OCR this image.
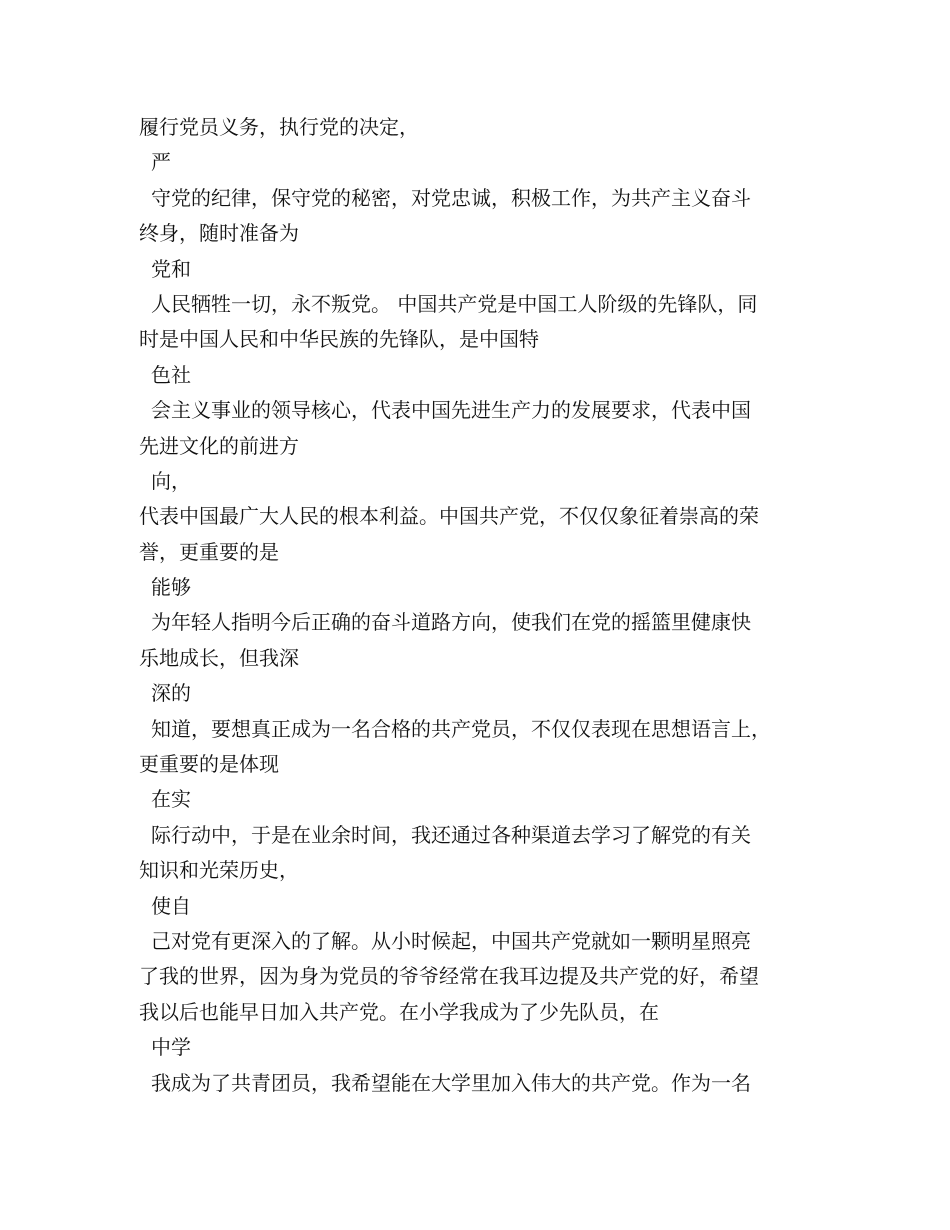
履行党员义务，执行党的决定，
严
守党的纪律，保守党的秘密，对党忠诚，积极工作，为共产主义奋斗
终身，随时准备为
党和
人民牺牲一切，永不叛党。 中国共产党是中国工人阶级的先锋队，同
时是中国人民和中华民族的先锋队，是中国特
色社
会主义事业的领导核心，代表中国先进生产力的发展要求，代表中国
先进文化的前进方
向，
代表中国最广大人民的根本利益。中国共产党，不仅仅象征着崇高的荣
誉，更重要的是
能够
为年轻人指明今后正确的奋斗道路方向，使我们在党的摇篮里健康快
乐地成长，但我深
深的
知道，要想真正成为一名合格的共产党员，不仅仅表现在思想语言上，
更重要的是体现
在实
际行动中，于是在业余时间，我还通过各种渠道去学习了解党的有关
知识和光荣历史，
使自
己对党有更深入的了解。从小时候起，中国共产党就如一颗明星照亮
了我的世界，因为身为党员的爷爷经常在我耳边提及共产党的好，希望
我以后也能早日加入共产党。在小学我成为了少先队员，在
中学
我成为了共青团员，我希望能在大学里加入伟大的共产党。作为一名
